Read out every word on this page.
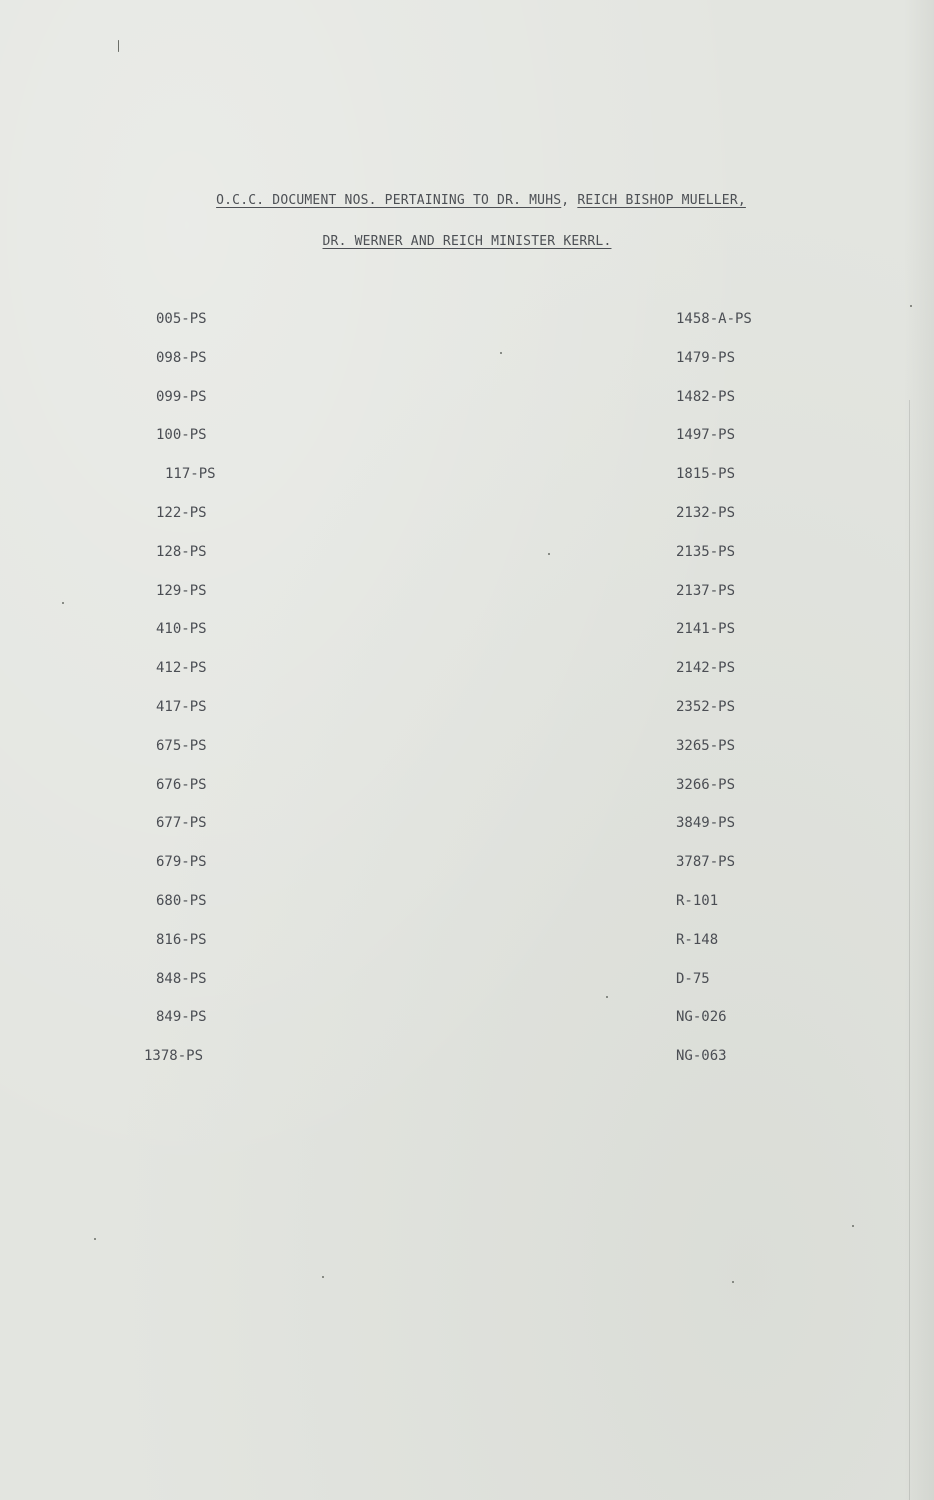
O.C.C. DOCUMENT NOS. PERTAINING TO DR. MUHS, REICH BISHOP MUELLER,
DR. WERNER AND REICH MINISTER KERRL.
005-PS
098-PS
099-PS
100-PS
117-PS
122-PS
128-PS
129-PS
410-PS
412-PS
417-PS
675-PS
676-PS
677-PS
679-PS
680-PS
816-PS
848-PS
849-PS
1378-PS
1458-A-PS
1479-PS
1482-PS
1497-PS
1815-PS
2132-PS
2135-PS
2137-PS
2141-PS
2142-PS
2352-PS
3265-PS
3266-PS
3849-PS
3787-PS
R-101
R-148
D-75
NG-026
NG-063
